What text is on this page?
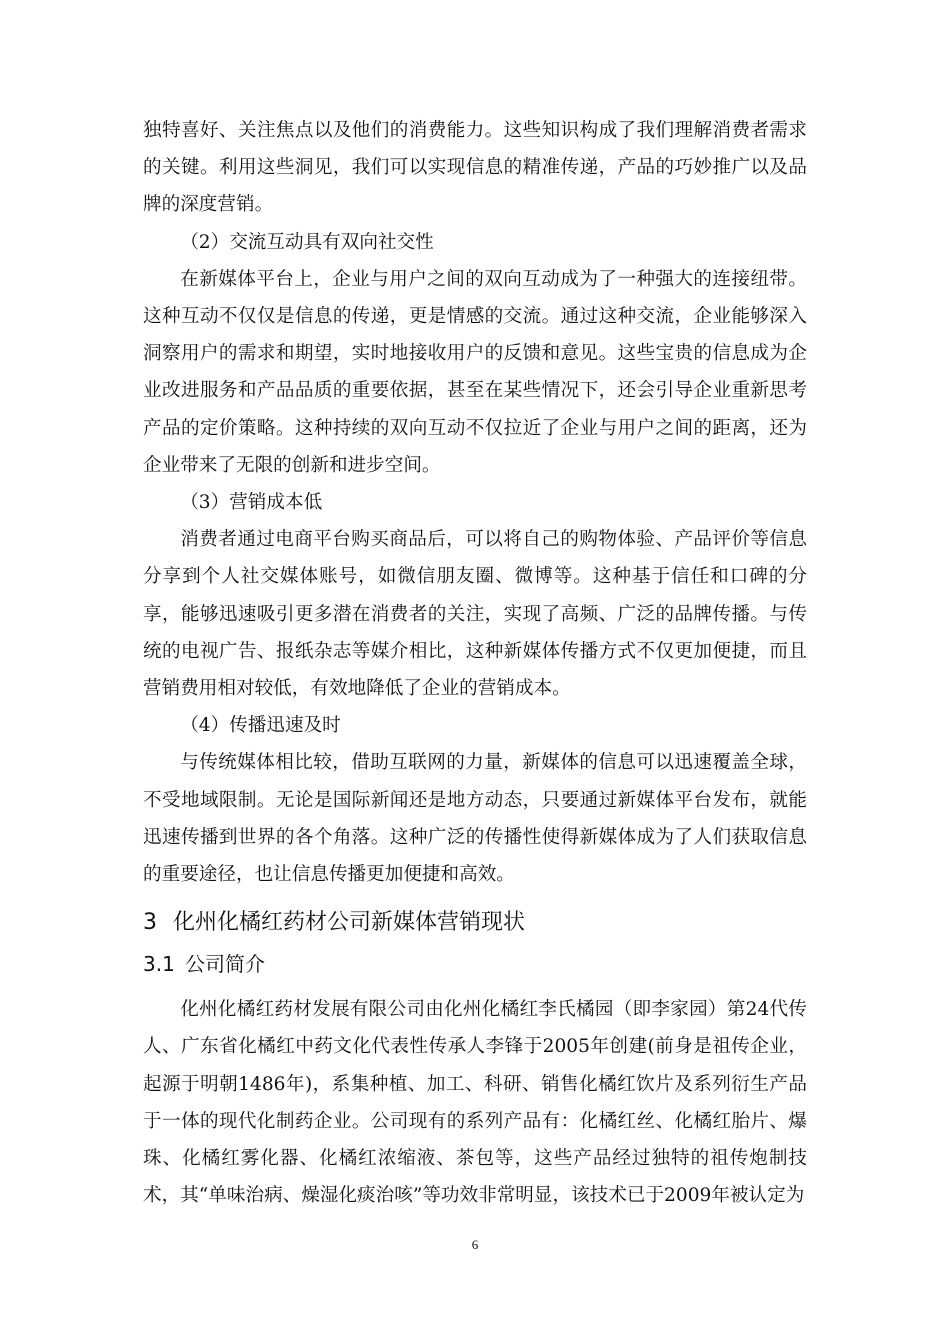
独特喜好、关注焦点以及他们的消费能力。这些知识构成了我们理解消费者需求的关键。利用这些洞见，我们可以实现信息的精准传递，产品的巧妙推广以及品牌的深度营销。

（2）交流互动具有双向社交性

在新媒体平台上，企业与用户之间的双向互动成为了一种强大的连接纽带。这种互动不仅仅是信息的传递，更是情感的交流。通过这种交流，企业能够深入洞察用户的需求和期望，实时地接收用户的反馈和意见。这些宝贵的信息成为企业改进服务和产品品质的重要依据，甚至在某些情况下，还会引导企业重新思考产品的定价策略。这种持续的双向互动不仅拉近了企业与用户之间的距离，还为企业带来了无限的创新和进步空间。

（3）营销成本低

消费者通过电商平台购买商品后，可以将自己的购物体验、产品评价等信息分享到个人社交媒体账号，如微信朋友圈、微博等。这种基于信任和口碑的分享，能够迅速吸引更多潜在消费者的关注，实现了高频、广泛的品牌传播。与传统的电视广告、报纸杂志等媒介相比，这种新媒体传播方式不仅更加便捷，而且营销费用相对较低，有效地降低了企业的营销成本。

（4）传播迅速及时

与传统媒体相比较，借助互联网的力量，新媒体的信息可以迅速覆盖全球，不受地域限制。无论是国际新闻还是地方动态，只要通过新媒体平台发布，就能迅速传播到世界的各个角落。这种广泛的传播性使得新媒体成为了人们获取信息的重要途径，也让信息传播更加便捷和高效。

3 化州化橘红药材公司新媒体营销现状
3.1 公司简介

化州化橘红药材发展有限公司由化州化橘红李氏橘园（即李家园）第24代传人、广东省化橘红中药文化代表性传承人李锋于2005年创建(前身是祖传企业，起源于明朝1486年)，系集种植、加工、科研、销售化橘红饮片及系列衍生产品于一体的现代化制药企业。公司现有的系列产品有：化橘红丝、化橘红胎片、爆珠、化橘红雾化器、化橘红浓缩液、茶包等，这些产品经过独特的祖传炮制技术，其“单味治病、燥湿化痰治咳”等功效非常明显，该技术已于2009年被认定为

6
